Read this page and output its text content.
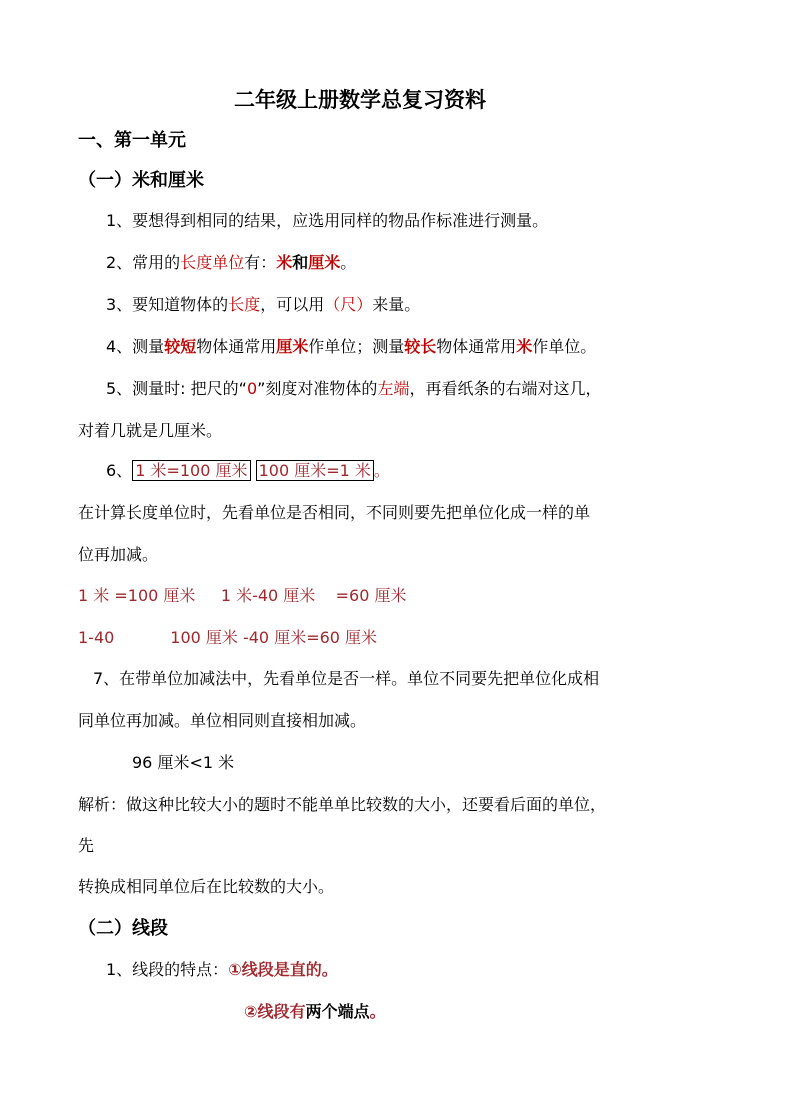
二年级上册数学总复习资料
一、第一单元
（一）米和厘米
1、要想得到相同的结果，应选用同样的物品作标准进行测量。
2、常用的长度单位有：米和厘米。
3、要知道物体的长度，可以用（尺）来量。
4、测量较短物体通常用厘米作单位；测量较长物体通常用米作单位。
5、测量时: 把尺的“0”刻度对准物体的左端，再看纸条的右端对这几，
对着几就是几厘米。
6、 1 米=100 厘米 100 厘米=1 米 。
在计算长度单位时，先看单位是否相同，不同则要先把单位化成一样的单
位再加减。
1 米 =100 厘米     1 米-40 厘米    =60 厘米
1-40           100 厘米 -40 厘米=60 厘米
7、在带单位加减法中，先看单位是否一样。单位不同要先把单位化成相
同单位再加减。单位相同则直接相加减。
96 厘米<1 米
解析：做这种比较大小的题时不能单单比较数的大小，还要看后面的单位，
先
转换成相同单位后在比较数的大小。
（二）线段
1、线段的特点：①线段是直的。
②线段有两个端点。
